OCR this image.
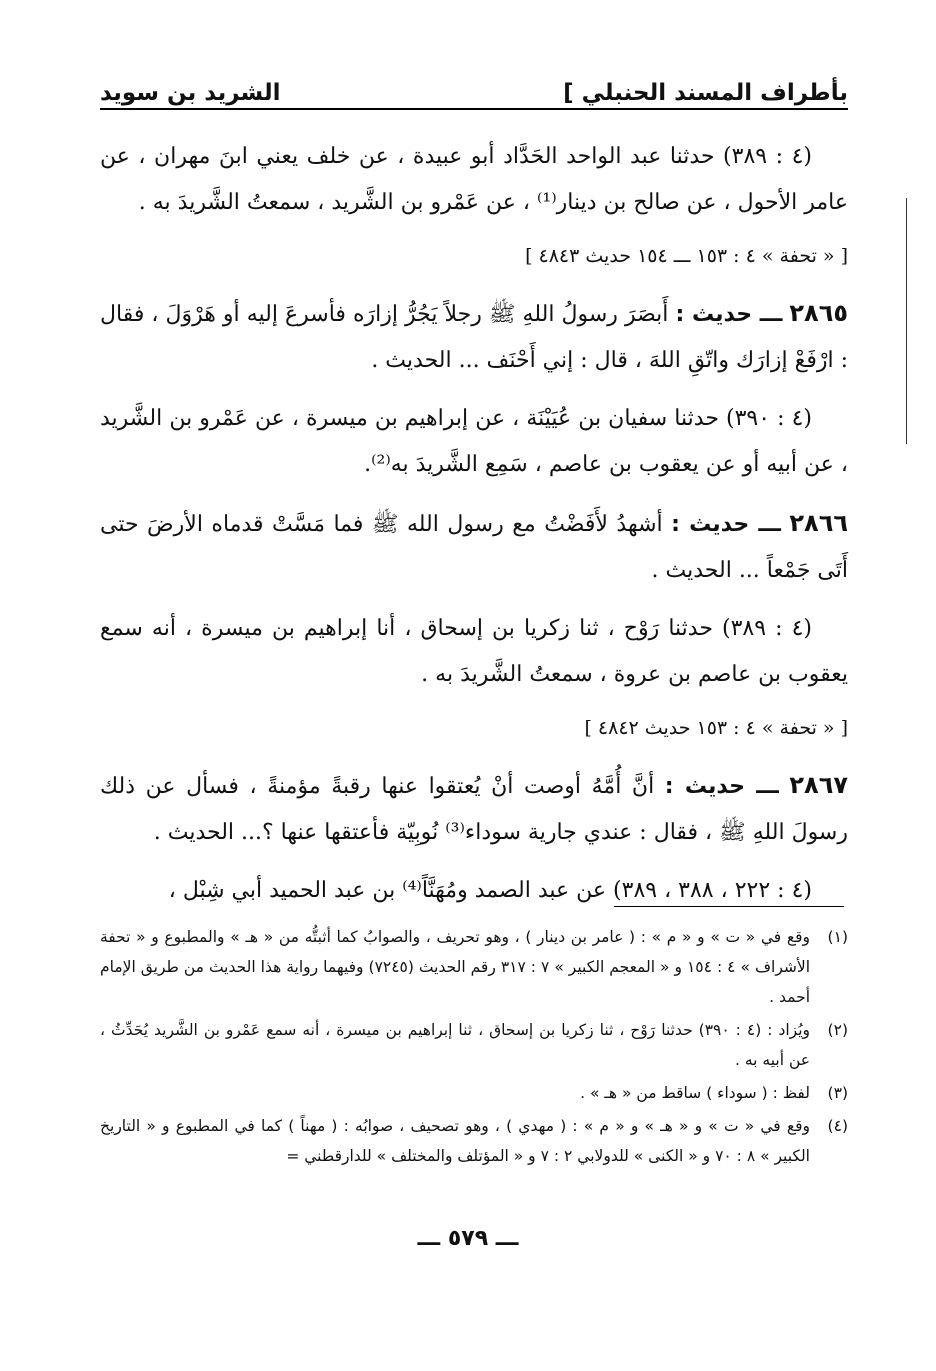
بأطراف المسند الحنبلي ]
الشريد بن سويد

(٤ : ٣٨٩) حدثنا عبد الواحد الحَدَّاد أبو عبيدة ، عن خلف يعني ابنَ مهران ، عن عامر الأحول ، عن صالح بن دينار⁽¹⁾ ، عن عَمْرو بن الشَّريد ، سمعتُ الشَّريدَ به .

[ « تحفة » ٤ : ١٥٣ ـــ ١٥٤ حديث ٤٨٤٣ ]

٢٨٦٥ ـــ حديث : أَبصَرَ رسولُ اللهِ ﷺ رجلاً يَجُرُّ إزارَه فأسرعَ إليه أو هَرْوَلَ ، فقال : ارْفَعْ إزارَك واتّقِ اللهَ ، قال : إني أَحْنَف ... الحديث .

(٤ : ٣٩٠) حدثنا سفيان بن عُيَيْنَة ، عن إبراهيم بن ميسرة ، عن عَمْرو بن الشَّريد ، عن أبيه أو عن يعقوب بن عاصم ، سَمِع الشَّريدَ به⁽²⁾.

٢٨٦٦ ـــ حديث : أشهدُ لأَفَضْتُ مع رسول الله ﷺ فما مَسَّتْ قدماه الأرضَ حتى أَتَى جَمْعاً ... الحديث .

(٤ : ٣٨٩) حدثنا رَوْح ، ثنا زكريا بن إسحاق ، أنا إبراهيم بن ميسرة ، أنه سمع يعقوب بن عاصم بن عروة ، سمعتُ الشَّريدَ به .

[ « تحفة » ٤ : ١٥٣ حديث ٤٨٤٢ ]

٢٨٦٧ ـــ حديث : أنَّ أُمَّهُ أوصت أنْ يُعتقوا عنها رقبةً مؤمنةً ، فسأل عن ذلك رسولَ اللهِ ﷺ ، فقال : عندي جارية سوداء⁽³⁾ نُوبِيّة فأعتقها عنها ؟... الحديث .

(٤ : ٢٢٢ ، ٣٨٨ ، ٣٨٩) عن عبد الصمد ومُهَنَّاً⁽⁴⁾ بن عبد الحميد أبي شِبْل ،

(١)
وقع في « ت » و « م » : ( عامر بن دينار ) ، وهو تحريف ، والصوابُ كما أثبتُّه من « هـ » والمطبوع و « تحفة الأشراف » ٤ : ١٥٤ و « المعجم الكبير » ٧ : ٣١٧ رقم الحديث (٧٢٤٥) وفيهما رواية هذا الحديث من طريق الإمام أحمد .
(٢)
ويُزاد : (٤ : ٣٩٠) حدثنا رَوْح ، ثنا زكريا بن إسحاق ، ثنا إبراهيم بن ميسرة ، أنه سمع عَمْرو بن الشَّريد يُحَدِّثُ ، عن أبيه به .
(٣)
لفظ : ( سوداء ) ساقط من « هـ » .
(٤)
وقع في « ت » و « هـ » و « م » : ( مهدي ) ، وهو تصحيف ، صوابُه : ( مهناً ) كما في المطبوع و « التاريخ الكبير » ٨ : ٧٠ و « الكنى » للدولابي ٢ : ٧ و « المؤتلف والمختلف » للدارقطني =
ـــ ٥٧٩ ـــ
